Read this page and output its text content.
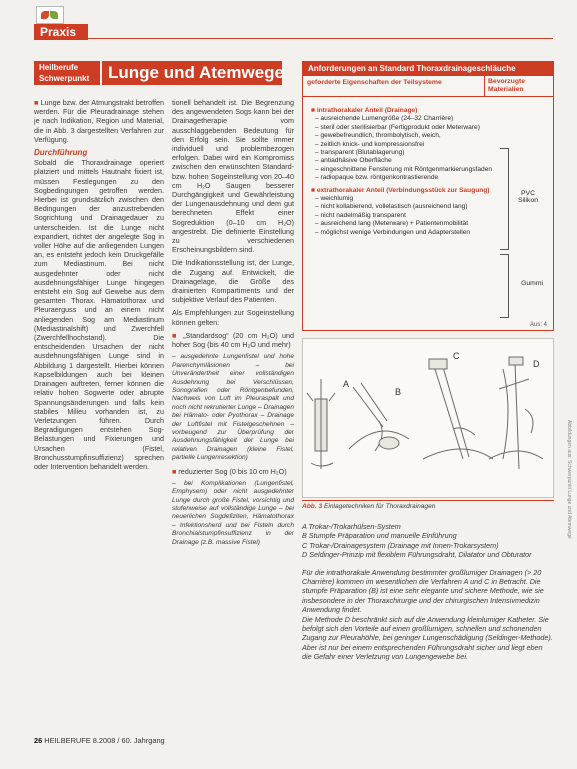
Praxis
Heilberufe Schwerpunkt	Lunge und Atemwege

■ Lunge bzw. der Atmungstrakt betroffen werden. Für die Pleuradrainage stehen je nach Indikation, Region und Material, die in Abb. 3 dargestellten Verfahren zur Verfügung.

Durchführung

Sobald die Thoraxdrainage operiert platziert und mittels Hautnaht fixiert ist, müssen Festlegungen zu den Sogbedingungen getroffen werden. Hierbei ist grundsätzlich zwischen den Bedingungen der anzustrebenden Sogrichtung und Drainagedauer zu unterscheiden. Ist die Lunge nicht expandiert, richtet der angelegte Sog in voller Höhe auf die anliegenden Lungen an, es entsteht jedoch kein Druckgefälle zum Mediastinum. Bei nicht ausgedehnter oder nicht ausdehnungsfähiger Lunge hingegen entsteht ein Sog auf Gewebe aus dem gesamten Thorax. Hämatothorax und Pleuraerguss und an einem nicht anliegenden Sog am Mediastinum (Mediastinalshift) und Zwerchfell (Zwerchfellhochstand). Die entscheidenden Ursachen der nicht ausdehnungsfähigen Lunge sind in Abbildung 1 dargestellt. Hierbei können Kapselbildungen auch bei kleinen Drainagen auftreten, ferner können die relativ hohen Sogwerte oder abrupte Spannungsänderungen und falls kein stabiles Milieu vorhanden ist, zu Verletzungen führen. Durch Begradigungen entstehen Sog-Belastungen und Fixierungen und Ursachen (Fistel, Bronchusstumpfinsuffizienz) sprechen oder Intervention behandelt werden.

tionell behandelt ist. Die Begrenzung des angewendeten Sogs kann bei der Drainagetherapie vom ausschlaggebenden Bedeutung für den Erfolg sein. Sie sollte immer individuell und problembezogen erfolgen. Dabei wird ein Kompromiss zwischen den erwünschten Standard- bzw. hohen Sogeinstellung von 20–40 cm H₂O Saugen besserer Durchgängigkeit und Gewährleistung der Lungenausdehnung und dem gut berechneten Effekt einer Sogreduktion (0–10 cm H₂O) angestrebt. Die definierte Einstellung zu verschiedenen Erscheinungsbildern sind.

Die Indikationsstellung ist, der Lunge, die Zugang auf. Entwickelt, die Drainagelage, die Größe des drainierten Kompartiments und der subjektive Verlauf des Patienten.

Als Empfehlungen zur Sogeinstellung können gelten:

■ „Standardsog“ (20 cm H₂O) und hoher Sog (bis 40 cm H₂O und mehr)

– ausgedehnte Lungenfistel und hohe Parenchymläsionen – bei Unverändertheit einer vollständigen Ausdehnung bei Verschlüssen, Sonografien oder Röntgenbefunden, Nachweis von Luft im Pleuraspalt und noch nicht rekrutierter Lunge – Drainagen bei Hämato- oder Pyothorax – Drainage der Luftfistel mit Fistelgeschehnen – vorbeugend zur Überprüfung der Ausdehnungsfähigkeit der Lunge bei relativen Drainagen (kleine Fistel, partielle Lungenresektion)

■ reduzierter Sog (0 bis 10 cm H₂O)

– bei Komplikationen (Lungenfistel, Emphysem) oder nicht ausgedehnter Lunge durch große Fistel, vorsichtig und stufenweise auf vollständige Lunge – bei neuerlichen Sogdefiziten, Hämatothorax – Infektionsherd und bei Fisteln durch Bronchialstumpfinsuffizienz in der Drainage (z.B. massive Fistel)

Anforderungen an Standard Thoraxdrainageschläuche
geforderte Eigenschaften der Teilsysteme	Bevorzugte Materialien
■ intrathorakaler Anteil (Drainage)
– ausreichende Lumengröße (24–32 Charrière)
– steril oder sterilisierbar (Fertigprodukt oder Meterware)
– gewebefreundlich, thrombolytisch, weich,
– zeitlich knick- und kompressionsfrei
– transparent (Blutablagerung)
– antiadhäsive Oberfläche
– eingeschnittene Fensterung mit Röntgenmarkierungsfaden
– radiopaque bzw. röntgenkontrastierende
■ extrathorakaler Anteil (Verbindungsstück zur Saugung)
– weichlumig
– nicht kollabierend, vollelastisch (ausreichend lang)
– nicht nadelmäßig transparent
– ausreichend lang (Meterware) + Patientenmobilität
– möglichst wenige Verbindungen und Adapterstellen
PVC Silikon
Gummi
Aus: 4
A
B
C
D
Abb. 3 Einlagetechniken für Thoraxdrainagen

A Trokar-/Trokarhülsen-System

B Stumpfe Präparation und manuelle Einführung

C Trokar-/Drainagesystem (Drainage mit Innen-Trokarsystem)

D Seldinger-Prinzip mit flexiblem Führungsdraht, Dilatator und Obturator

Für die intrathorakale Anwendung bestimmter großlumiger Drainagen (> 20 Charrière) kommen im wesentlichen die Verfahren A und C in Betracht. Die stumpfe Präparation (B) ist eine sehr elegante und sichere Methode, wie sie insbesondere in der Thoraxchirurgie und der chirurgischen Intensivmedizin Anwendung findet.

Die Methode D beschränkt sich auf die Anwendung kleinlumiger Katheter. Sie befolgt sich den Vorteile auf einen großlumigen, schnellen und schonenden Zugang zur Pleurahöhle, bei geringer Lungenschädigung (Seldinger-Methode). Aber ist nur bei einem entsprechenden Führungsdraht sicher und liegt eben die Gefahr einer Verletzung von Lungengewebe bei.

26 HEILBERUFE 8.2008 / 60. Jahrgang
Abbildungen aus: Schwerpunkt Lunge und Atemwege
